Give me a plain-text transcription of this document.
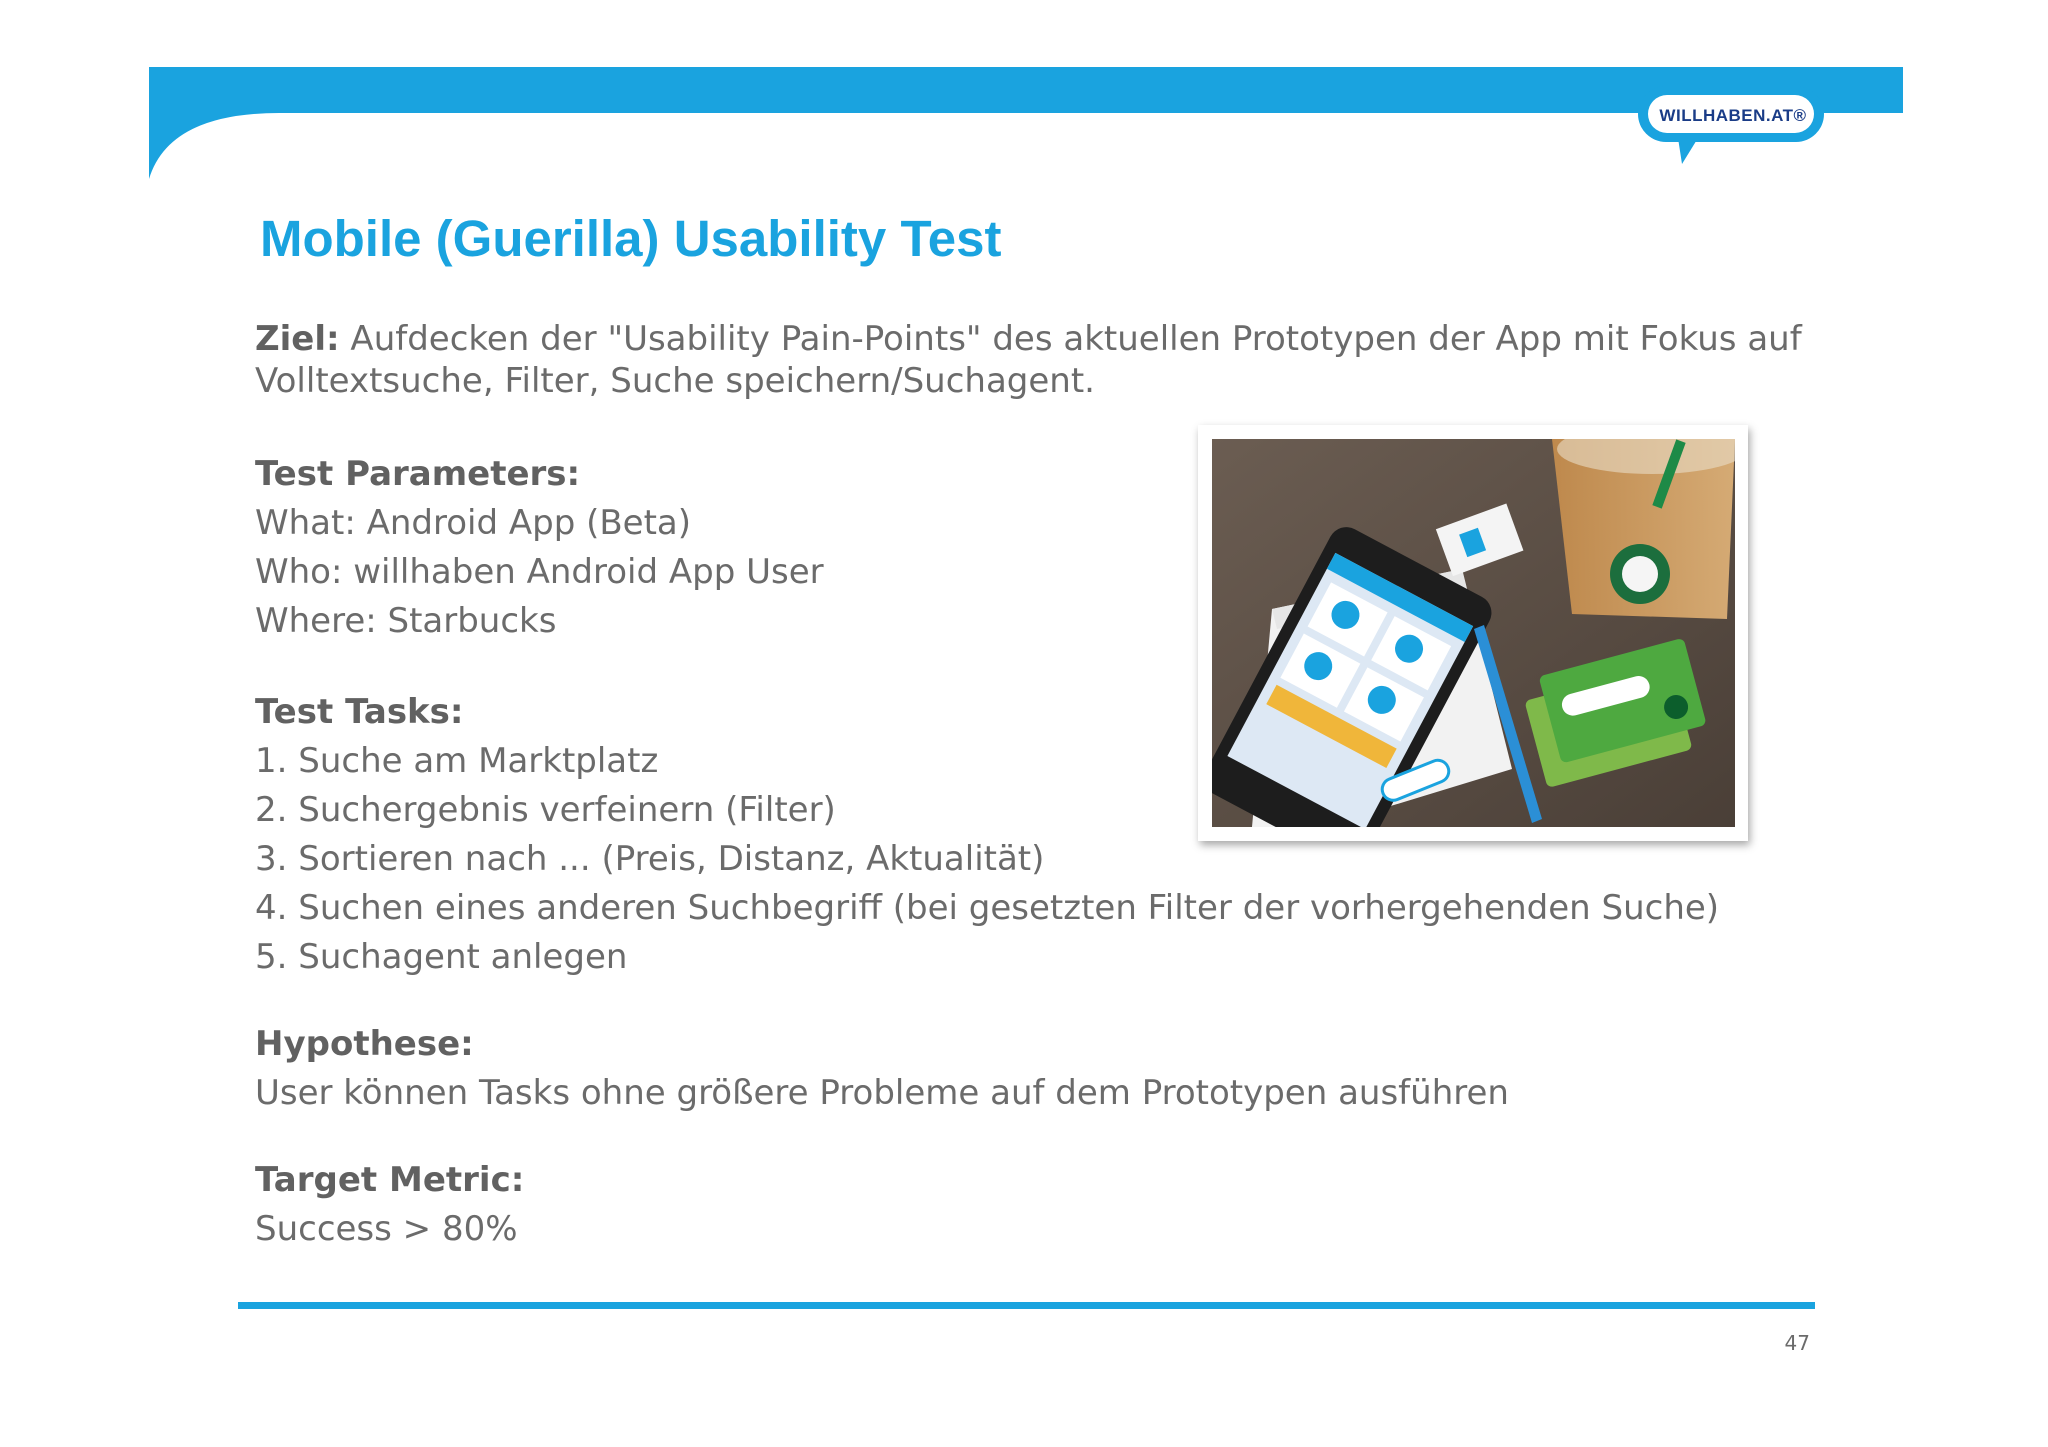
WILLHABEN.AT®
Mobile (Guerilla) Usability Test

Ziel: Aufdecken der "Usability Pain-Points" des aktuellen Prototypen der App mit Fokus auf Volltextsuche, Filter, Suche speichern/Suchagent.

Test Parameters:

What: Android App (Beta)

Who: willhaben Android App User

Where: Starbucks

Test Tasks:

1. Suche am Marktplatz

2. Suchergebnis verfeinern (Filter)

3. Sortieren nach ... (Preis, Distanz, Aktualität)

4. Suchen eines anderen Suchbegriff (bei gesetzten Filter der vorhergehenden Suche)

5. Suchagent anlegen

Hypothese:

User können Tasks ohne größere Probleme auf dem Prototypen ausführen

Target Metric:

Success > 80%

47
